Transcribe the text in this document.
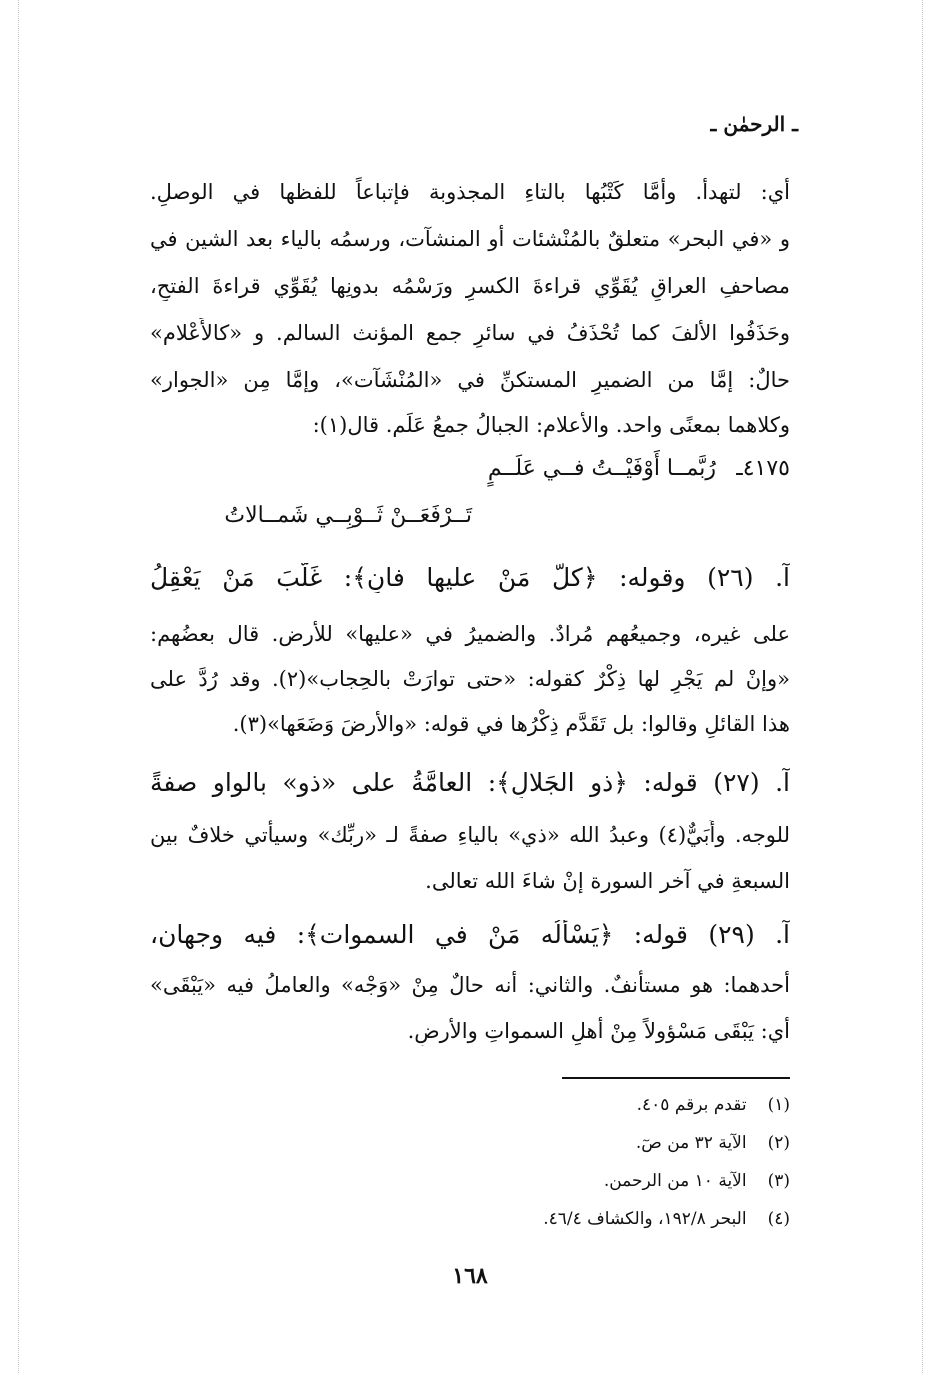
ـ الرحمٰن ـ
أي: لتهدأ. وأمَّا كَتْبُها بالتاءِ المجذوبة فإتباعاً للفظها في الوصلِ.
و «في البحر» متعلقٌ بالمُنْشئات أو المنشآت، ورسمُه بالياء بعد الشين في
مصاحفِ العراقِ يُقَوِّي قراءةَ الكسرِ ورَسْمُه بدونِها يُقَوِّي قراءةَ الفتحِ،
وحَذَفُوا الألفَ كما تُحْذَفُ في سائرِ جمع المؤنث السالم. و «كالأَعْلام»
حالٌ: إمَّا من الضميرِ المستكنِّ في «المُنْشَآت»، وإمَّا مِن «الجوار»
وكلاهما بمعنًى واحد. والأعلام: الجبالُ جمعُ عَلَم. قال(١):
٤١٧٥ـ
رُبَّمــا أَوْفَيْــتُ فــي عَلَــمٍ
تَــرْفَعَــنْ ثَــوْبِــي شَمــالاتُ
آ. (٢٦) وقوله: ﴿كلُّ مَنْ عليها فانٍ﴾: غَلَّبَ مَنْ يَعْقِلُ
على غيره، وجميعُهم مُرادٌ. والضميرُ في «عليها» للأرض. قال بعضُهم:
«وإنْ لم يَجْرِ لها ذِكْرٌ كقوله: «حتى توارَتْ بالحِجاب»(٢). وقد رُدَّ على
هذا القائلِ وقالوا: بل تَقَدَّم ذِكْرُها في قوله: «والأرضَ وَضَعَها»(٣).
آ. (٢٧) قوله: ﴿ذو الجَلالِ﴾: العامَّةُ على «ذو» بالواو صفةً
للوجه. وأُبَيٌّ(٤) وعبدُ الله «ذي» بالياءِ صفةً لـ «ربِّك» وسيأتي خلافٌ بين
السبعةِ في آخر السورة إنْ شاءَ الله تعالى.
آ. (٢٩) قوله: ﴿يَسْأَلُه مَنْ في السموات﴾: فيه وجهان،
أحدهما: هو مستأنفٌ. والثاني: أنه حالٌ مِنْ «وَجْه» والعاملُ فيه «يَبْقَى»
أي: يَبْقَى مَسْؤولاً مِنْ أهلِ السمواتِ والأرضِ.
(١) تقدم برقم ٤٠٥.
(٢) الآية ٣٢ من صٓ.
(٣) الآية ١٠ من الرحمن.
(٤) البحر ١٩٢/٨، والكشاف ٤٦/٤.
١٦٨
